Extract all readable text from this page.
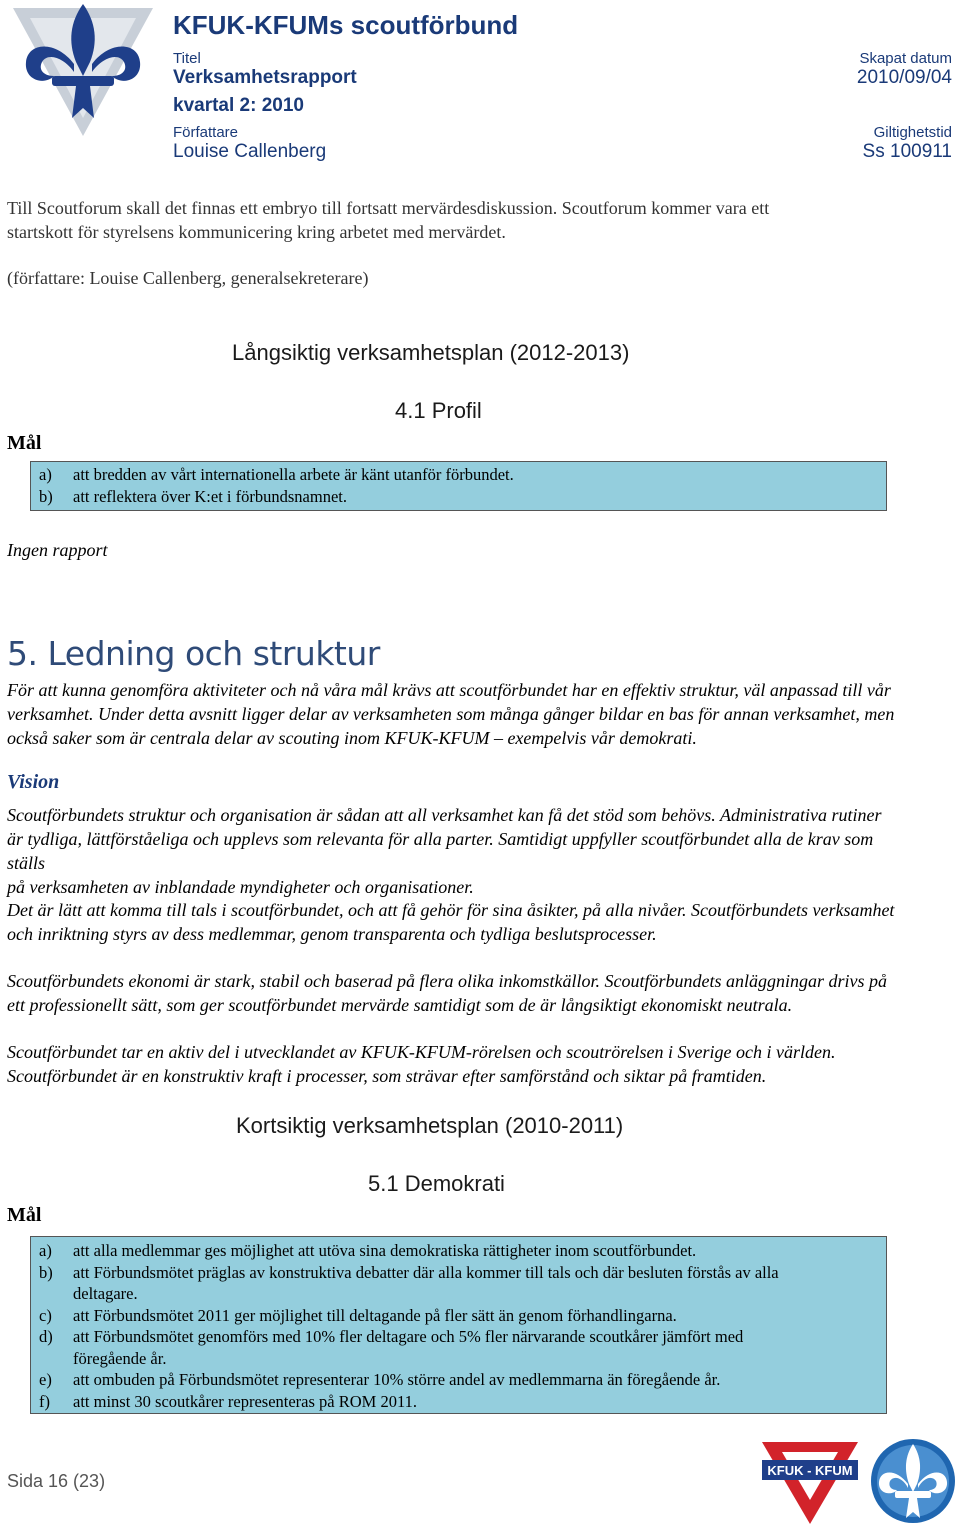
KFUK-KFUMs scoutförbund
Titel
Verksamhetsrapport
kvartal 2: 2010
Författare
Louise Callenberg
Skapat datum
2010/09/04
Giltighetstid
Ss 100911
Till Scoutforum skall det finnas ett embryo till fortsatt mervärdesdiskussion. Scoutforum kommer vara ett
startskott för styrelsens kommunicering kring arbetet med mervärdet.
(författare: Louise Callenberg, generalsekreterare)
Långsiktig verksamhetsplan (2012-2013)
4.1 Profil
Mål
a)	att bredden av vårt internationella arbete är känt utanför förbundet.
b)	att reflektera över K:et i förbundsnamnet.
Ingen rapport
5. Ledning och struktur
För att kunna genomföra aktiviteter och nå våra mål krävs att scoutförbundet har en effektiv struktur, väl anpassad till vår
verksamhet. Under detta avsnitt ligger delar av verksamheten som många gånger bildar en bas för annan verksamhet, men
också saker som är centrala delar av scouting inom KFUK-KFUM – exempelvis vår demokrati.
Vision
Scoutförbundets struktur och organisation är sådan att all verksamhet kan få det stöd som behövs. Administrativa rutiner
är tydliga, lättförståeliga och upplevs som relevanta för alla parter. Samtidigt uppfyller scoutförbundet alla de krav som ställs
på verksamheten av inblandade myndigheter och organisationer.
Det är lätt att komma till tals i scoutförbundet, och att få gehör för sina åsikter, på alla nivåer. Scoutförbundets verksamhet
och inriktning styrs av dess medlemmar, genom transparenta och tydliga beslutsprocesser.
Scoutförbundets ekonomi är stark, stabil och baserad på flera olika inkomstkällor. Scoutförbundets anläggningar drivs på
ett professionellt sätt, som ger scoutförbundet mervärde samtidigt som de är långsiktigt ekonomiskt neutrala.
Scoutförbundet tar en aktiv del i utvecklandet av KFUK-KFUM-rörelsen och scoutrörelsen i Sverige och i världen.
Scoutförbundet är en konstruktiv kraft i processer, som strävar efter samförstånd och siktar på framtiden.
Kortsiktig verksamhetsplan (2010-2011)
5.1 Demokrati
Mål
a)	att alla medlemmar ges möjlighet att utöva sina demokratiska rättigheter inom scoutförbundet.
b)	att Förbundsmötet präglas av konstruktiva debatter där alla kommer till tals och där besluten förstås av alla
deltagare.
c)	att Förbundsmötet 2011 ger möjlighet till deltagande på fler sätt än genom förhandlingarna.
d)	att Förbundsmötet genomförs med 10% fler deltagare och 5% fler närvarande scoutkårer jämfört med
föregående år.
e)	att ombuden på Förbundsmötet representerar 10% större andel av medlemmarna än föregående år.
f)	att minst 30 scoutkårer representeras på ROM 2011.
Sida 16 (23)
KFUK - KFUM
